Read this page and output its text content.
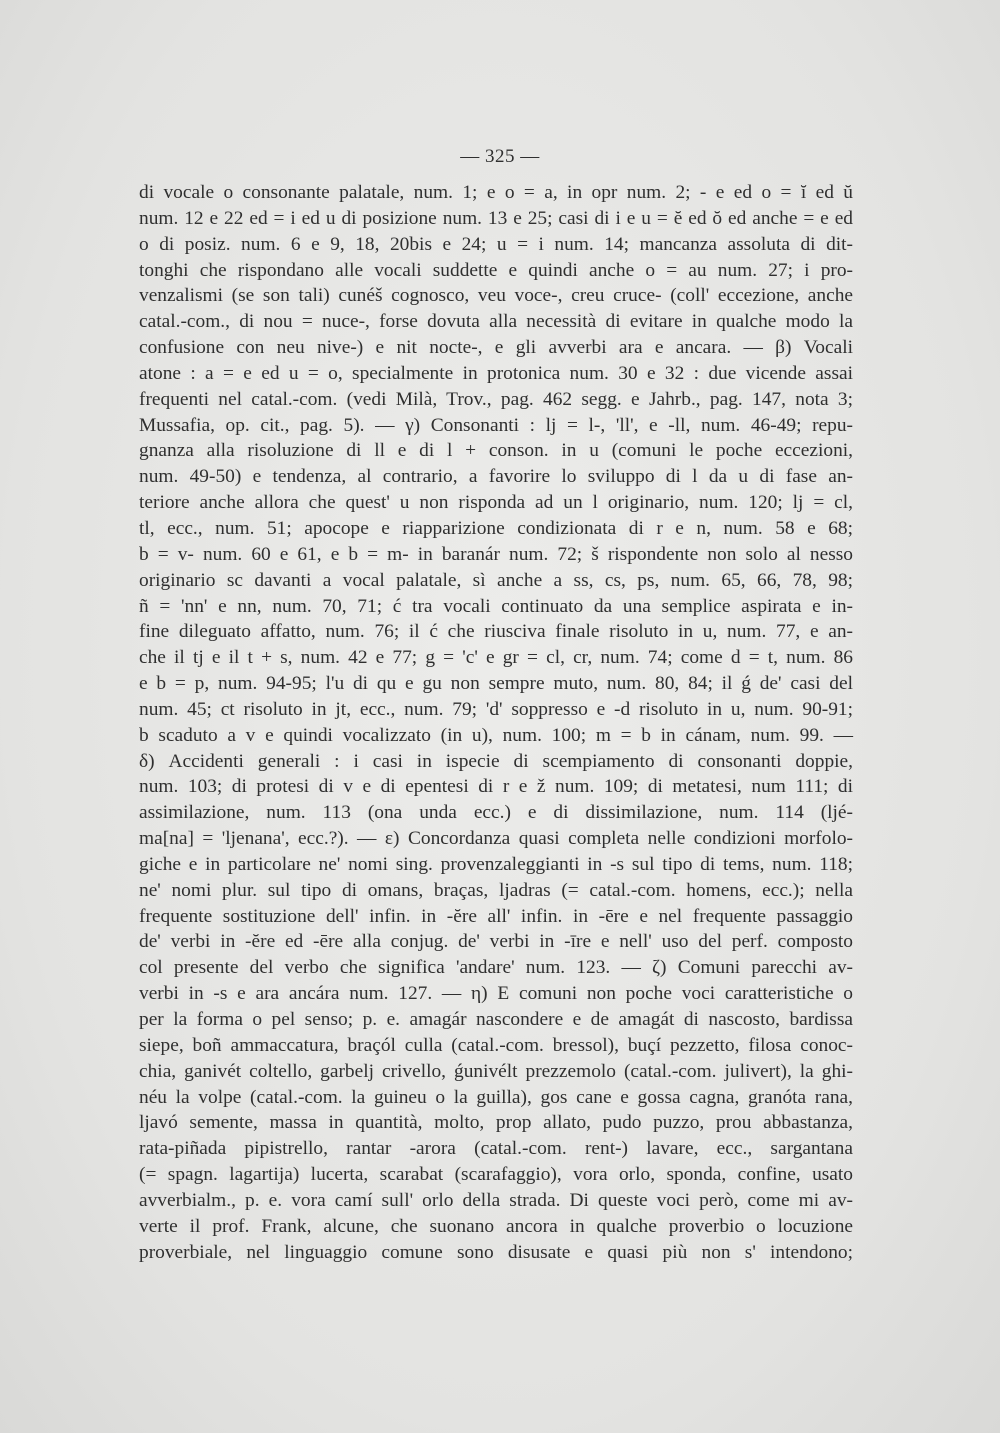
— 325 —
di vocale o consonante palatale, num. 1; e o = a, in opr num. 2; - e ed o = ĭ ed ŭ
num. 12 e 22 ed = i ed u di posizione num. 13 e 25; casi di i e u = ĕ ed ŏ ed anche = e ed
o di posiz. num. 6 e 9, 18, 20bis e 24; u = i num. 14; mancanza assoluta di dit-
tonghi che rispondano alle vocali suddette e quindi anche o = au num. 27; i pro-
venzalismi (se son tali) cunéš cognosco, veu voce-, creu cruce- (coll' eccezione, anche
catal.-com., di nou = nuce-, forse dovuta alla necessità di evitare in qualche modo la
confusione con neu nive-) e nit nocte-, e gli avverbi ara e ancara. — β) Vocali
atone : a = e ed u = o, specialmente in protonica num. 30 e 32 : due vicende assai
frequenti nel catal.-com. (vedi Milà, Trov., pag. 462 segg. e Jahrb., pag. 147, nota 3;
Mussafia, op. cit., pag. 5). — γ) Consonanti : lj = l-, 'll', e -ll, num. 46-49; repu-
gnanza alla risoluzione di ll e di l + conson. in u (comuni le poche eccezioni,
num. 49-50) e tendenza, al contrario, a favorire lo sviluppo di l da u di fase an-
teriore anche allora che quest' u non risponda ad un l originario, num. 120; lj = cl,
tl, ecc., num. 51; apocope e riapparizione condizionata di r e n, num. 58 e 68;
b = v- num. 60 e 61, e b = m- in baranár num. 72; š rispondente non solo al nesso
originario sc davanti a vocal palatale, sì anche a ss, cs, ps, num. 65, 66, 78, 98;
ñ = 'nn' e nn, num. 70, 71; ć tra vocali continuato da una semplice aspirata e in-
fine dileguato affatto, num. 76; il ć che riusciva finale risoluto in u, num. 77, e an-
che il tj e il t + s, num. 42 e 77; g = 'c' e gr = cl, cr, num. 74; come d = t, num. 86
e b = p, num. 94-95; l'u di qu e gu non sempre muto, num. 80, 84; il ǵ de' casi del
num. 45; ct risoluto in jt, ecc., num. 79; 'd' soppresso e -d risoluto in u, num. 90-91;
b scaduto a v e quindi vocalizzato (in u), num. 100; m = b in cánam, num. 99. —
δ) Accidenti generali : i casi in ispecie di scempiamento di consonanti doppie,
num. 103; di protesi di v e di epentesi di r e ž num. 109; di metatesi, num 111; di
assimilazione, num. 113 (ona unda ecc.) e di dissimilazione, num. 114 (ljé-
ma[na] = 'ljenana', ecc.?). — ε) Concordanza quasi completa nelle condizioni morfolo-
giche e in particolare ne' nomi sing. provenzaleggianti in -s sul tipo di tems, num. 118;
ne' nomi plur. sul tipo di omans, braças, ljadras (= catal.-com. homens, ecc.); nella
frequente sostituzione dell' infin. in -ĕre all' infin. in -ēre e nel frequente passaggio
de' verbi in -ĕre ed -ēre alla conjug. de' verbi in -īre e nell' uso del perf. composto
col presente del verbo che significa 'andare' num. 123. — ζ) Comuni parecchi av-
verbi in -s e ara ancára num. 127. — η) E comuni non poche voci caratteristiche o
per la forma o pel senso; p. e. amagár nascondere e de amagát di nascosto, bardissa
siepe, boñ ammaccatura, braçól culla (catal.-com. bressol), buçí pezzetto, filosa conoc-
chia, ganivét coltello, garbelj crivello, ǵunivélt prezzemolo (catal.-com. julivert), la ghi-
néu la volpe (catal.-com. la guineu o la guilla), gos cane e gossa cagna, granóta rana,
ljavó semente, massa in quantità, molto, prop allato, pudo puzzo, prou abbastanza,
rata-piñada pipistrello, rantar -arora (catal.-com. rent-) lavare, ecc., sargantana
(= spagn. lagartija) lucerta, scarabat (scarafaggio), vora orlo, sponda, confine, usato
avverbialm., p. e. vora camí sull' orlo della strada. Di queste voci però, come mi av-
verte il prof. Frank, alcune, che suonano ancora in qualche proverbio o locuzione
proverbiale, nel linguaggio comune sono disusate e quasi più non s' intendono;
